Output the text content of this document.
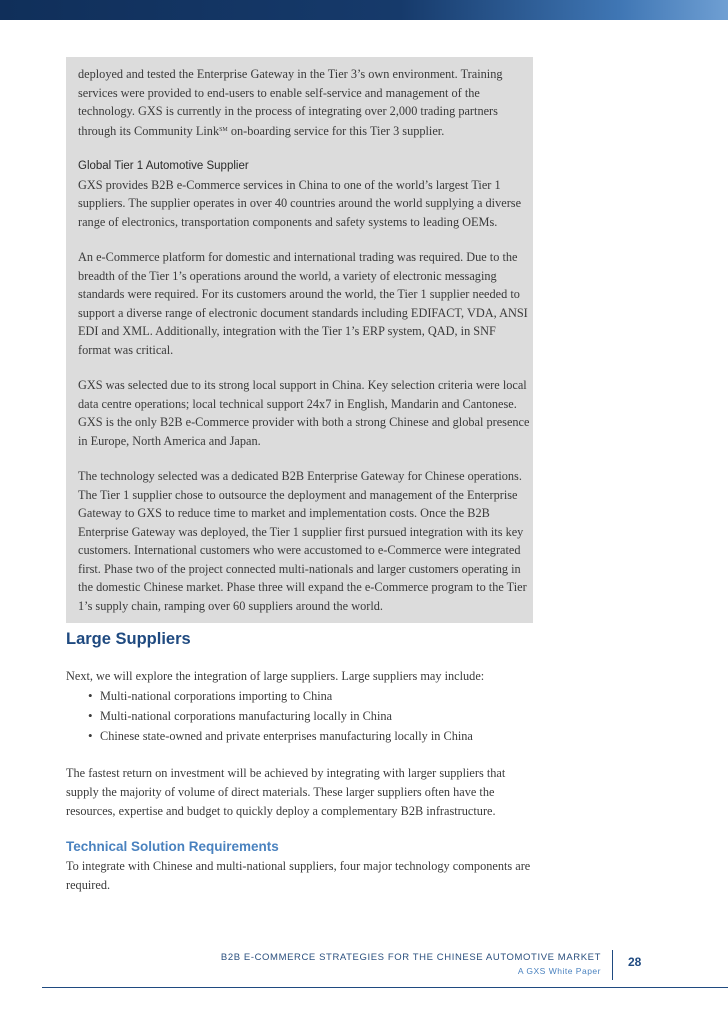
deployed and tested the Enterprise Gateway in the Tier 3’s own environment. Training services were provided to end-users to enable self-service and management of the technology. GXS is currently in the process of integrating over 2,000 trading partners through its Community Link℠ on-boarding service for this Tier 3 supplier.

Global Tier 1 Automotive Supplier

GXS provides B2B e-Commerce services in China to one of the world’s largest Tier 1 suppliers. The supplier operates in over 40 countries around the world supplying a diverse range of electronics, transportation components and safety systems to leading OEMs.

An e-Commerce platform for domestic and international trading was required. Due to the breadth of the Tier 1’s operations around the world, a variety of electronic messaging standards were required. For its customers around the world, the Tier 1 supplier needed to support a diverse range of electronic document standards including EDIFACT, VDA, ANSI EDI and XML. Additionally, integration with the Tier 1’s ERP system, QAD, in SNF format was critical.

GXS was selected due to its strong local support in China. Key selection criteria were local data centre operations; local technical support 24x7 in English, Mandarin and Cantonese. GXS is the only B2B e-Commerce provider with both a strong Chinese and global presence in Europe, North America and Japan.

The technology selected was a dedicated B2B Enterprise Gateway for Chinese operations. The Tier 1 supplier chose to outsource the deployment and management of the Enterprise Gateway to GXS to reduce time to market and implementation costs. Once the B2B Enterprise Gateway was deployed, the Tier 1 supplier first pursued integration with its key customers. International customers who were accustomed to e-Commerce were integrated first. Phase two of the project connected multi-nationals and larger customers operating in the domestic Chinese market. Phase three will expand the e-Commerce program to the Tier 1’s supply chain, ramping over 60 suppliers around the world.

Large Suppliers

Next, we will explore the integration of large suppliers. Large suppliers may include:

• Multi-national corporations importing to China
• Multi-national corporations manufacturing locally in China
• Chinese state-owned and private enterprises manufacturing locally in China

The fastest return on investment will be achieved by integrating with larger suppliers that supply the majority of volume of direct materials. These larger suppliers often have the resources, expertise and budget to quickly deploy a complementary B2B infrastructure.

Technical Solution Requirements

To integrate with Chinese and multi-national suppliers, four major technology components are required.

B2B E-COMMERCE STRATEGIES FOR THE CHINESE AUTOMOTIVE MARKET
A GXS White Paper
28
